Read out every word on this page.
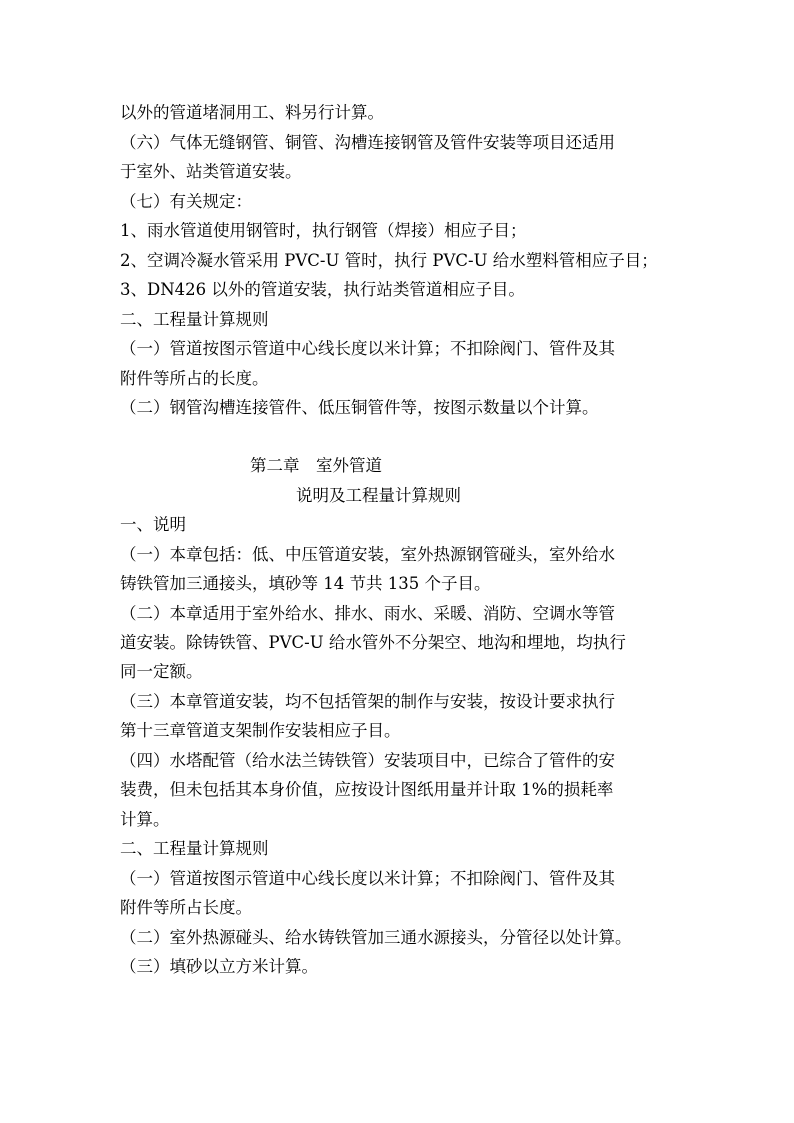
以外的管道堵洞用工、料另行计算。
（六）气体无缝钢管、铜管、沟槽连接钢管及管件安装等项目还适用
于室外、站类管道安装。
（七）有关规定：
1、雨水管道使用钢管时，执行钢管（焊接）相应子目；
2、空调冷凝水管采用 PVC-U 管时，执行 PVC-U 给水塑料管相应子目；
3、DN426 以外的管道安装，执行站类管道相应子目。
二、工程量计算规则
（一）管道按图示管道中心线长度以米计算；不扣除阀门、管件及其
附件等所占的长度。
（二）钢管沟槽连接管件、低压铜管件等，按图示数量以个计算。
第二章　室外管道
说明及工程量计算规则
一、说明
（一）本章包括：低、中压管道安装，室外热源钢管碰头，室外给水
铸铁管加三通接头，填砂等 14 节共 135 个子目。
（二）本章适用于室外给水、排水、雨水、采暖、消防、空调水等管
道安装。除铸铁管、PVC-U 给水管外不分架空、地沟和埋地，均执行
同一定额。
（三）本章管道安装，均不包括管架的制作与安装，按设计要求执行
第十三章管道支架制作安装相应子目。
（四）水塔配管（给水法兰铸铁管）安装项目中，已综合了管件的安
装费，但未包括其本身价值，应按设计图纸用量并计取 1%的损耗率
计算。
二、工程量计算规则
（一）管道按图示管道中心线长度以米计算；不扣除阀门、管件及其
附件等所占长度。
（二）室外热源碰头、给水铸铁管加三通水源接头，分管径以处计算。
（三）填砂以立方米计算。
